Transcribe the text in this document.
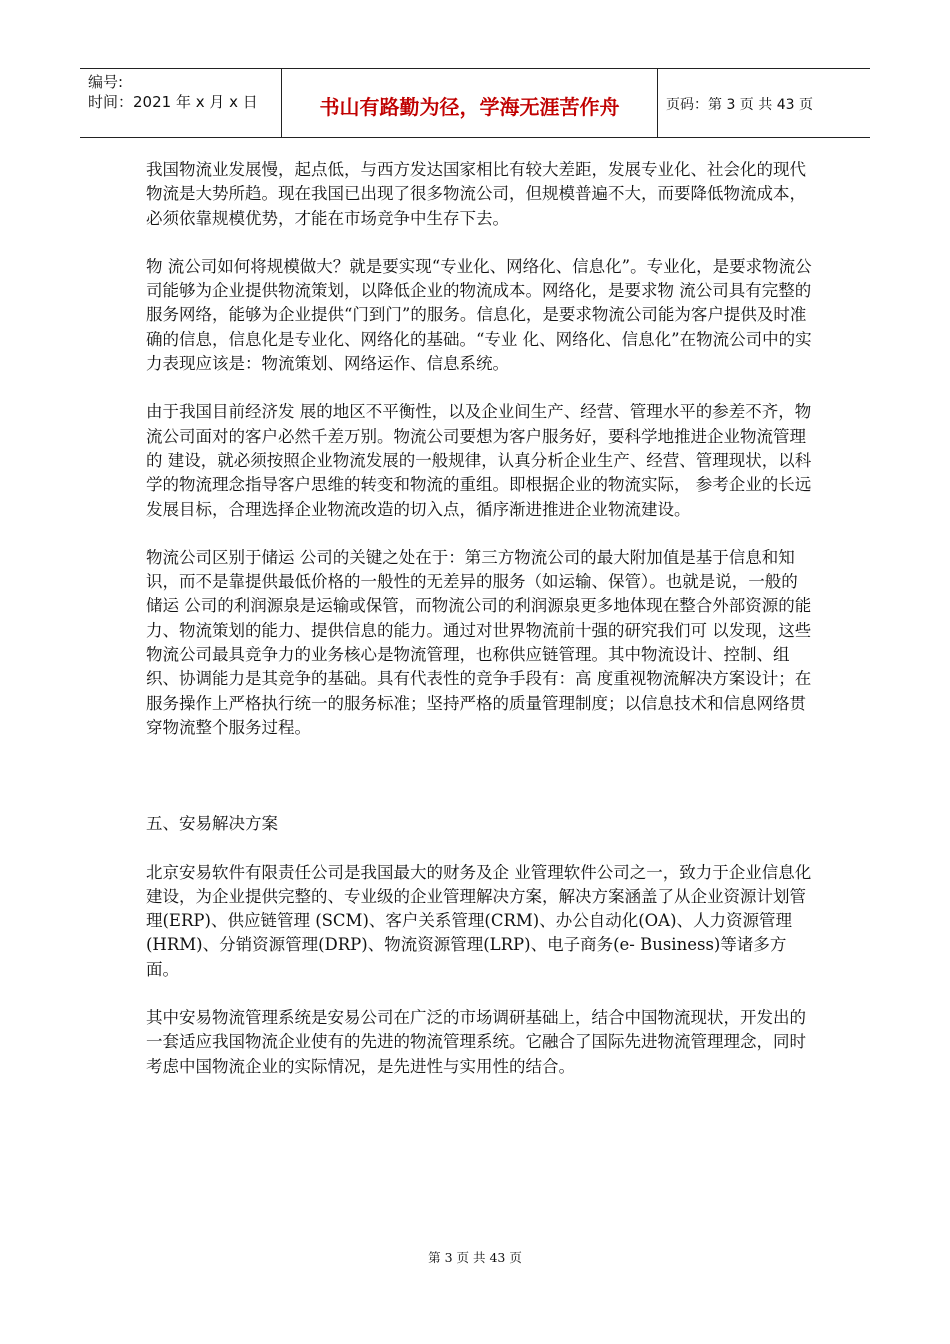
编号:
时间：2021 年 x 月 x 日	书山有路勤为径，学海无涯苦作舟	页码：第 3 页 共 43 页

我国物流业发展慢，起点低，与西方发达国家相比有较大差距，发展专业化、社会化的现代物流是大势所趋。现在我国已出现了很多物流公司，但规模普遍不大，而要降低物流成本，必须依靠规模优势，才能在市场竞争中生存下去。

物 流公司如何将规模做大？就是要实现“专业化、网络化、信息化”。专业化，是要求物流公司能够为企业提供物流策划，以降低企业的物流成本。网络化，是要求物 流公司具有完整的服务网络，能够为企业提供“门到门”的服务。信息化，是要求物流公司能为客户提供及时准确的信息，信息化是专业化、网络化的基础。“专业 化、网络化、信息化”在物流公司中的实力表现应该是：物流策划、网络运作、信息系统。

由于我国目前经济发 展的地区不平衡性，以及企业间生产、经营、管理水平的参差不齐，物流公司面对的客户必然千差万别。物流公司要想为客户服务好，要科学地推进企业物流管理的 建设，就必须按照企业物流发展的一般规律，认真分析企业生产、经营、管理现状，以科学的物流理念指导客户思维的转变和物流的重组。即根据企业的物流实际， 参考企业的长远发展目标，合理选择企业物流改造的切入点，循序渐进推进企业物流建设。

物流公司区别于储运 公司的关键之处在于：第三方物流公司的最大附加值是基于信息和知识，而不是靠提供最低价格的一般性的无差异的服务（如运输、保管）。也就是说，一般的储运 公司的利润源泉是运输或保管，而物流公司的利润源泉更多地体现在整合外部资源的能力、物流策划的能力、提供信息的能力。通过对世界物流前十强的研究我们可 以发现，这些物流公司最具竞争力的业务核心是物流管理，也称供应链管理。其中物流设计、控制、组织、协调能力是其竞争的基础。具有代表性的竞争手段有：高 度重视物流解决方案设计；在服务操作上严格执行统一的服务标准；坚持严格的质量管理制度；以信息技术和信息网络贯穿物流整个服务过程。

五、安易解决方案

北京安易软件有限责任公司是我国最大的财务及企 业管理软件公司之一，致力于企业信息化建设，为企业提供完整的、专业级的企业管理解决方案，解决方案涵盖了从企业资源计划管理(ERP)、供应链管理 (SCM)、客户关系管理(CRM)、办公自动化(OA)、人力资源管理(HRM)、分销资源管理(DRP)、物流资源管理(LRP)、电子商务(e- Business)等诸多方面。

其中安易物流管理系统是安易公司在广泛的市场调研基础上，结合中国物流现状，开发出的一套适应我国物流企业使有的先进的物流管理系统。它融合了国际先进物流管理理念，同时考虑中国物流企业的实际情况，是先进性与实用性的结合。

第 3 页 共 43 页
